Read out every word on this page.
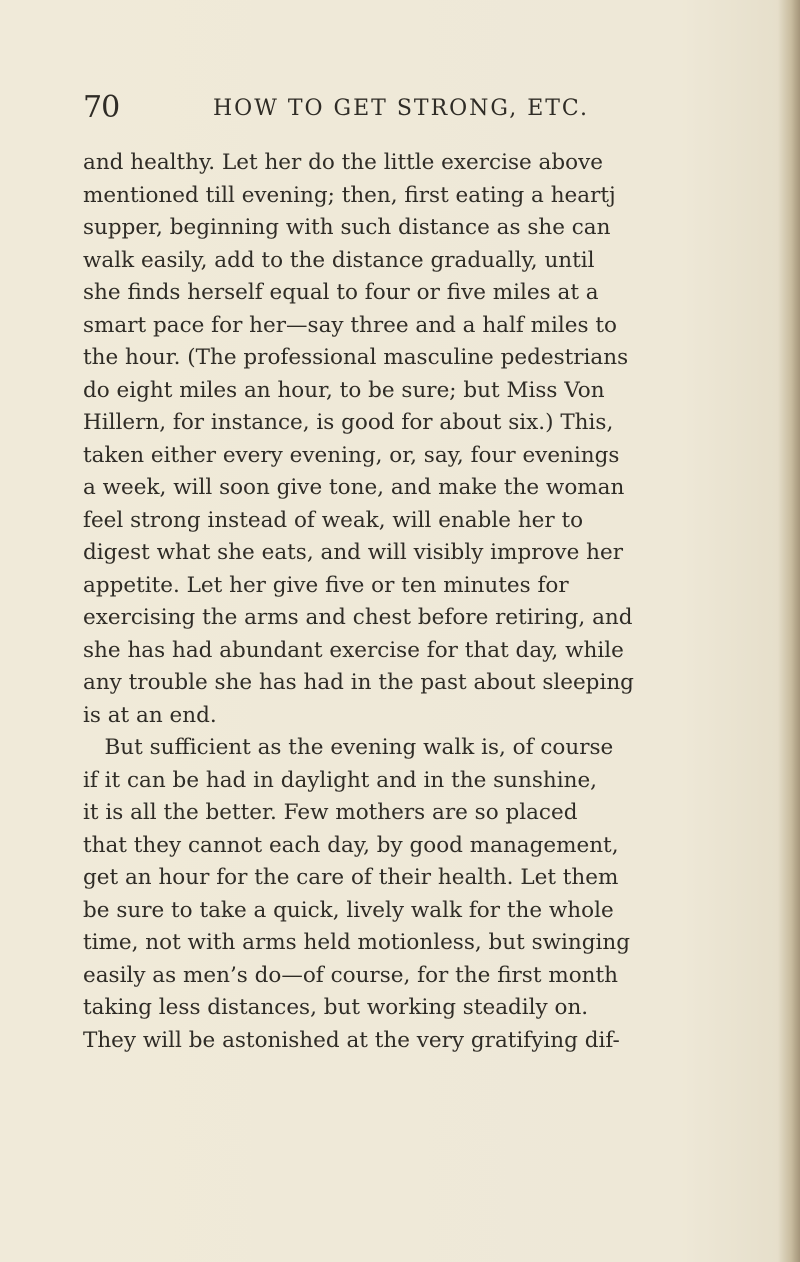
70	HOW TO GET STRONG, ETC.
and healthy. Let her do the little exercise above
mentioned till evening; then, first eating a heartj
supper, beginning with such distance as she can
walk easily, add to the distance gradually, until
she finds herself equal to four or five miles at a
smart pace for her—say three and a half miles to
the hour. (The professional masculine pedestrians
do eight miles an hour, to be sure; but Miss Von
Hillern, for instance, is good for about six.) This,
taken either every evening, or, say, four evenings
a week, will soon give tone, and make the woman
feel strong instead of weak, will enable her to
digest what she eats, and will visibly improve her
appetite. Let her give five or ten minutes for
exercising the arms and chest before retiring, and
she has had abundant exercise for that day, while
any trouble she has had in the past about sleeping
is at an end.
 But sufficient as the evening walk is, of course
if it can be had in daylight and in the sunshine,
it is all the better. Few mothers are so placed
that they cannot each day, by good management,
get an hour for the care of their health. Let them
be sure to take a quick, lively walk for the whole
time, not with arms held motionless, but swinging
easily as men’s do—of course, for the first month
taking less distances, but working steadily on.
They will be astonished at the very gratifying dif-
